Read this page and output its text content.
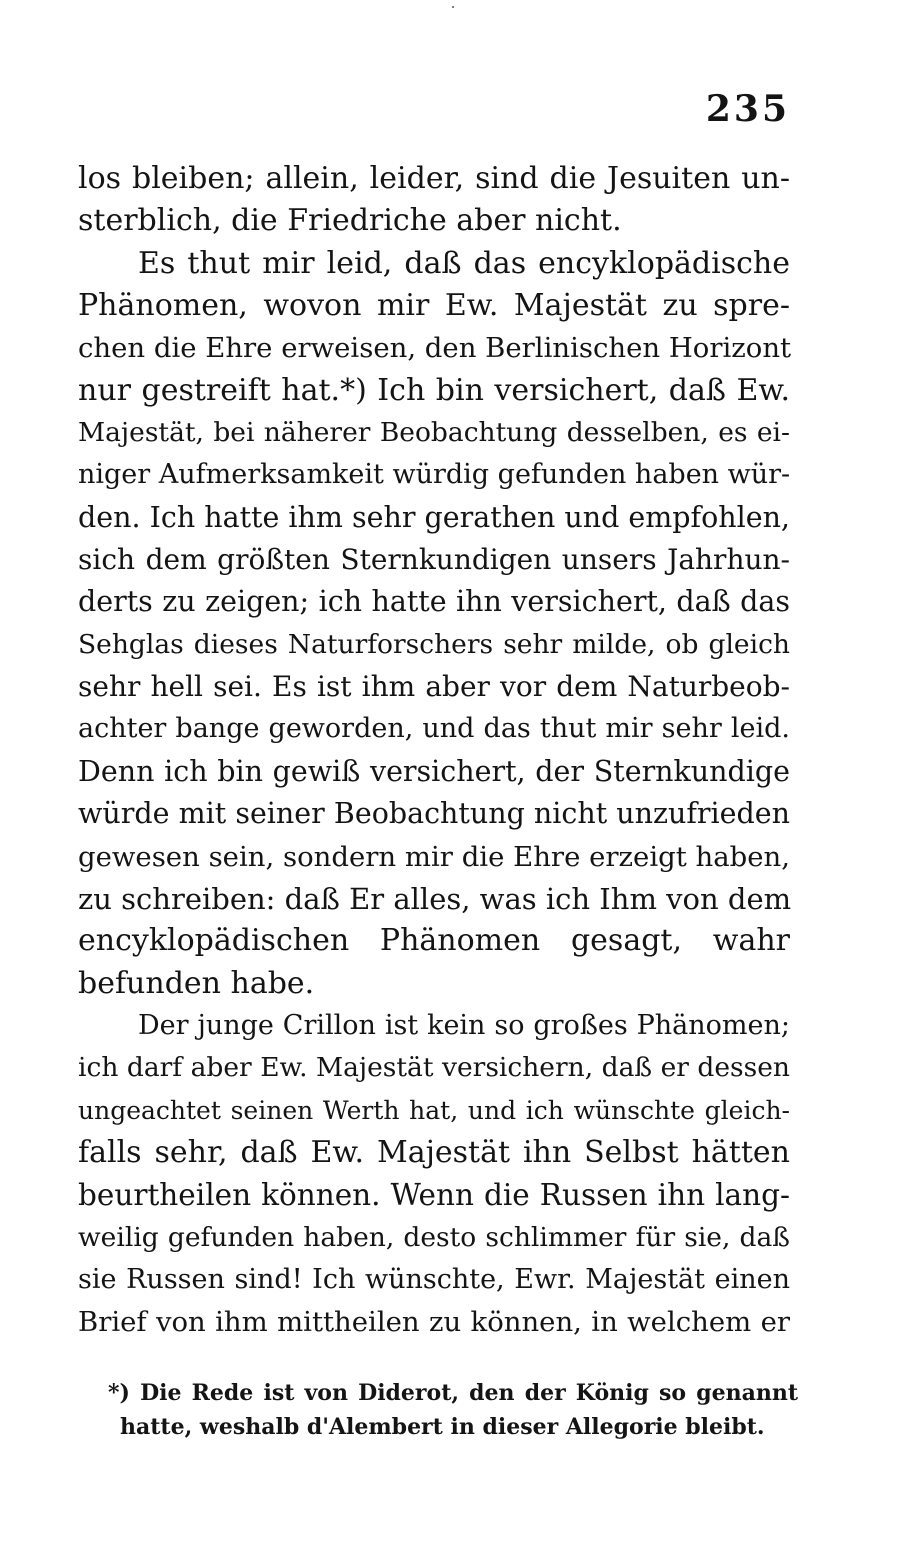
235
los bleiben; allein, leider, sind die Jesuiten un-
sterblich, die Friedriche aber nicht.
Es thut mir leid, daß das encyklopädische
Phänomen, wovon mir Ew. Majestät zu spre-
chen die Ehre erweisen, den Berlinischen Horizont
nur gestreift hat.*) Ich bin versichert, daß Ew.
Majestät, bei näherer Beobachtung desselben, es ei-
niger Aufmerksamkeit würdig gefunden haben wür-
den. Ich hatte ihm sehr gerathen und empfohlen,
sich dem größten Sternkundigen unsers Jahrhun-
derts zu zeigen; ich hatte ihn versichert, daß das
Sehglas dieses Naturforschers sehr milde, ob gleich
sehr hell sei. Es ist ihm aber vor dem Naturbeob-
achter bange geworden, und das thut mir sehr leid.
Denn ich bin gewiß versichert, der Sternkundige
würde mit seiner Beobachtung nicht unzufrieden
gewesen sein, sondern mir die Ehre erzeigt haben,
zu schreiben: daß Er alles, was ich Ihm von dem
encyklopädischen Phänomen gesagt, wahr
befunden habe.
Der junge Crillon ist kein so großes Phänomen;
ich darf aber Ew. Majestät versichern, daß er dessen
ungeachtet seinen Werth hat, und ich wünschte gleich-
falls sehr, daß Ew. Majestät ihn Selbst hätten
beurtheilen können. Wenn die Russen ihn lang-
weilig gefunden haben, desto schlimmer für sie, daß
sie Russen sind! Ich wünschte, Ewr. Majestät einen
Brief von ihm mittheilen zu können, in welchem er
*) Die Rede ist von Diderot, den der König so genannt
hatte, weshalb d'Alembert in dieser Allegorie bleibt.
